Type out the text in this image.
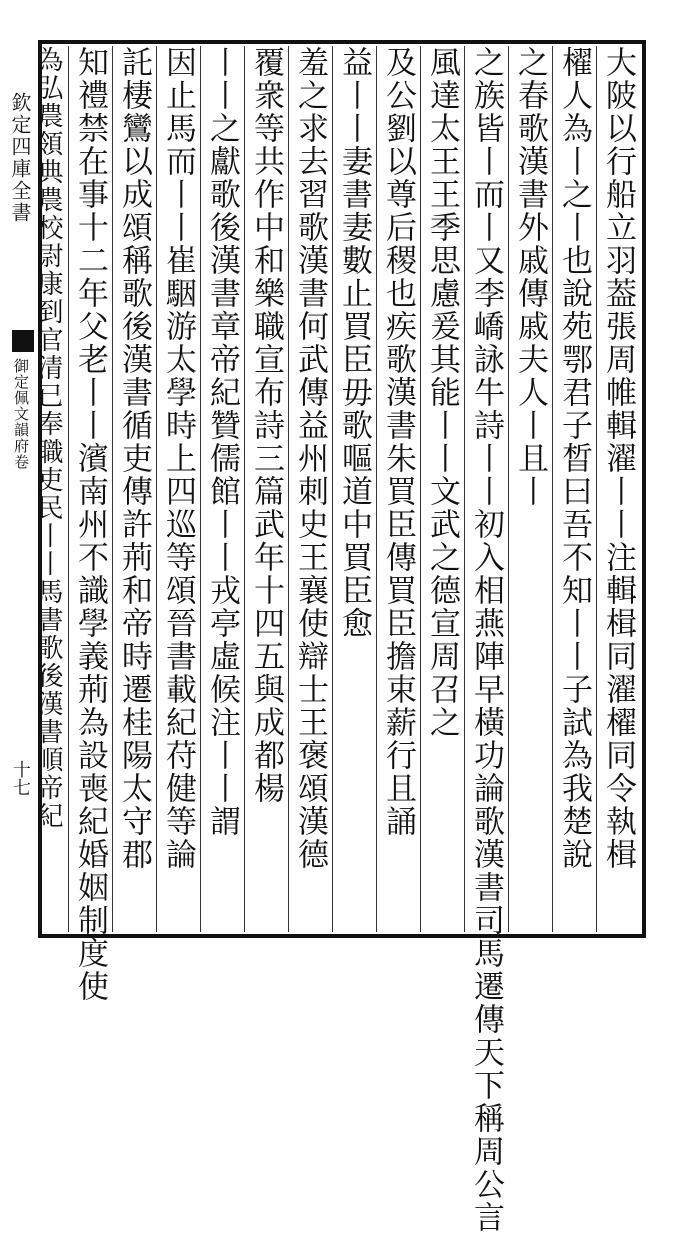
欽定四庫全書
御定佩文韻府卷
十七	大陂以行船立羽葢張周帷輯濯丨丨注輯楫同濯櫂同令執楫
櫂人為丨之丨也說苑鄂君子晳曰吾不知丨丨子試為我楚說
之春歌漢書外戚傳戚夫人丨且丨
之族皆丨而丨又李嶠詠牛詩丨丨初入相燕陣早橫功論歌漢書司馬遷傳天下稱周公言
風達太王王季思慮爰其能丨丨文武之德宣周召之
及公劉以尊后稷也疾歌漢書朱買臣傳買臣擔束薪行且誦
益丨丨妻書妻數止買臣毋歌嘔道中買臣愈
羞之求去習歌漢書何武傳益州刺史王襄使辯士王褒頌漢德
覆衆等共作中和樂職宣布詩三篇武年十四五與成都楊
丨丨之獻歌後漢書章帝紀贊儒館丨丨戎亭虛候注丨丨謂
因止馬而丨丨崔駰游太學時上四巡等頌晉書載紀苻健等論
託棲鸞以成頌稱歌後漢書循吏傳許荊和帝時遷桂陽太守郡
知禮禁在事十二年父老丨丨濱南州不識學義荊為設喪紀婚姻制度使
為弘農領典農校尉康到官清已奉職吏民丨丨馬書歌後漢書順帝紀
